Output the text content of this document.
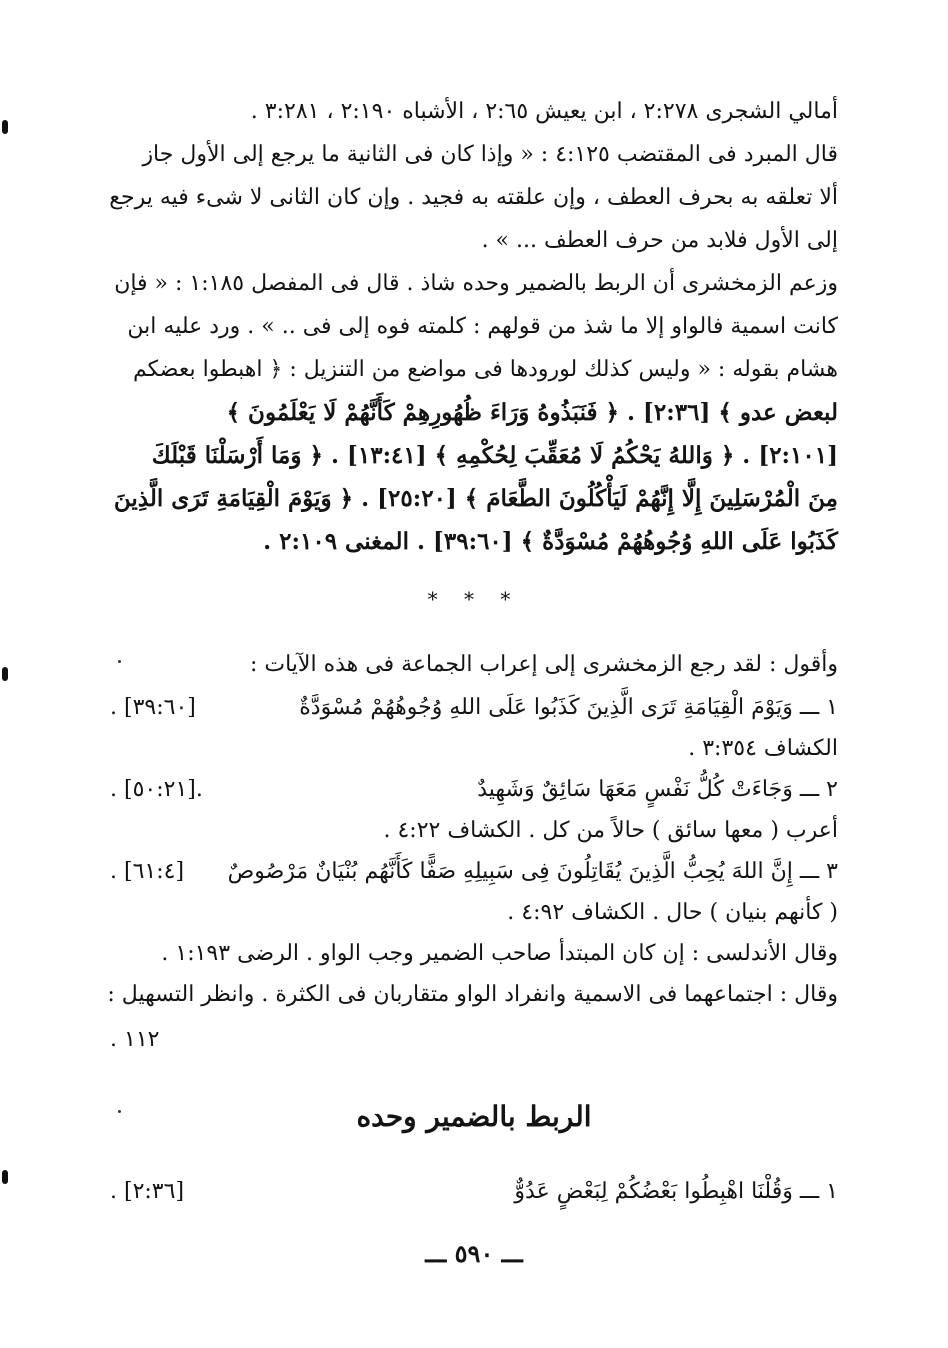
أمالي الشجرى ٢:٢٧٨ ، ابن يعيش ٢:٦٥ ، الأشباه ٢:١٩٠ ، ٣:٢٨١ .
قال المبرد فى المقتضب ٤:١٢٥ : « وإذا كان فى الثانية ما يرجع إلى الأول جاز
ألا تعلقه به بحرف العطف ، وإن علقته به فجيد . وإن كان الثانى لا شىء فيه يرجع
إلى الأول فلابد من حرف العطف ... » .
وزعم الزمخشرى أن الربط بالضمير وحده شاذ . قال فى المفصل ١:١٨٥ : « فإن
كانت اسمية فالواو إلا ما شذ من قولهم : كلمته فوه إلى فى .. » . ورد عليه ابن
هشام بقوله : « وليس كذلك لورودها فى مواضع من التنزيل : ﴿ اهبطوا بعضكم
لبعض عدو ﴾ [٢:٣٦] . ﴿ فَنَبَذُوهُ وَرَاءَ ظُهُورِهِمْ كَأَنَّهُمْ لَا يَعْلَمُونَ ﴾
[٢:١٠١] . ﴿ وَاللهُ يَحْكُمُ لَا مُعَقِّبَ لِحُكْمِهِ ﴾ [١٣:٤١] . ﴿ وَمَا أَرْسَلْنَا قَبْلَكَ
مِنَ الْمُرْسَلِينَ إِلَّا إِنَّهُمْ لَيَأْكُلُونَ الطَّعَامَ ﴾ [٢٥:٢٠] . ﴿ وَيَوْمَ الْقِيَامَةِ تَرَى الَّذِينَ
كَذَبُوا عَلَى اللهِ وُجُوهُهُمْ مُسْوَدَّةٌ ﴾ [٣٩:٦٠] . المغنى ٢:١٠٩ .
* * *
وأقول : لقد رجع الزمخشرى إلى إعراب الجماعة فى هذه الآيات :
١ ـــ وَيَوْمَ الْقِيَامَةِ تَرَى الَّذِينَ كَذَبُوا عَلَى اللهِ وُجُوهُهُمْ مُسْوَدَّةٌ
[٣٩:٦٠] .
الكشاف ٣:٣٥٤ .
٢ ـــ وَجَاءَتْ كُلُّ نَفْسٍ مَعَهَا سَائِقٌ وَشَهِيدٌ
.[٥٠:٢١] .
أعرب ( معها سائق ) حالاً من كل . الكشاف ٤:٢٢ .
٣ ـــ إِنَّ اللهَ يُحِبُّ الَّذِينَ يُقَاتِلُونَ فِى سَبِيلِهِ صَفًّا كَأَنَّهُم بُنْيَانٌ مَرْصُوصٌ
[٦١:٤] .
( كأنهم بنيان ) حال . الكشاف ٤:٩٢ .
وقال الأندلسى : إن كان المبتدأ صاحب الضمير وجب الواو . الرضى ١:١٩٣ .
وقال : اجتماعهما فى الاسمية وانفراد الواو متقاربان فى الكثرة . وانظر التسهيل :
١١٢ .
الربط بالضمير وحده
١ ـــ وَقُلْنَا اهْبِطُوا بَعْضُكُمْ لِبَعْضٍ عَدُوٌّ
[٢:٣٦] .
ـــ ٥٩٠ ـــ
